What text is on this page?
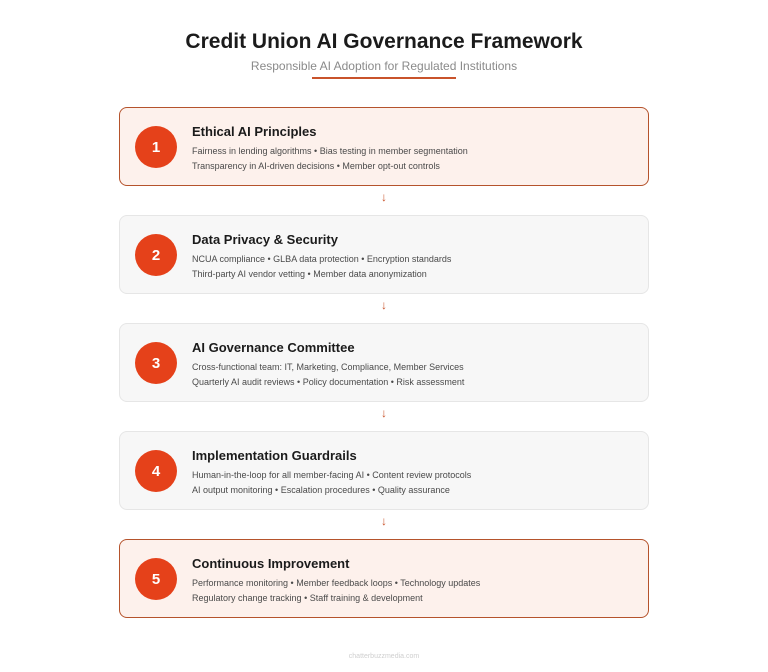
Credit Union AI Governance Framework
Responsible AI Adoption for Regulated Institutions
1
Ethical AI Principles
Fairness in lending algorithms • Bias testing in member segmentation
Transparency in AI-driven decisions • Member opt-out controls
↓
2
Data Privacy & Security
NCUA compliance • GLBA data protection • Encryption standards
Third-party AI vendor vetting • Member data anonymization
↓
3
AI Governance Committee
Cross-functional team: IT, Marketing, Compliance, Member Services
Quarterly AI audit reviews • Policy documentation • Risk assessment
↓
4
Implementation Guardrails
Human-in-the-loop for all member-facing AI • Content review protocols
AI output monitoring • Escalation procedures • Quality assurance
↓
5
Continuous Improvement
Performance monitoring • Member feedback loops • Technology updates
Regulatory change tracking • Staff training & development
chatterbuzzmedia.com
